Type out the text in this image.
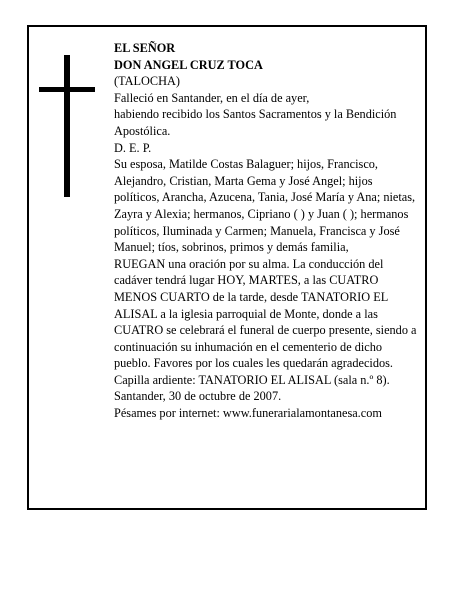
EL SEÑOR

DON ANGEL CRUZ TOCA

(TALOCHA)

Falleció en Santander, en el día de ayer,

habiendo recibido los Santos Sacramentos y la Bendición Apostólica.

D. E. P.

Su esposa, Matilde Costas Balaguer; hijos, Francisco, Alejandro, Cristian, Marta Gema y José Angel; hijos políticos, Arancha, Azucena, Tania, José María y Ana; nietas, Zayra y Alexia; hermanos, Cipriano ( ) y Juan ( ); hermanos políticos, Iluminada y Carmen; Manuela, Francisca y José Manuel; tíos, sobrinos, primos y demás familia,

RUEGAN una oración por su alma. La conducción del cadáver tendrá lugar HOY, MARTES, a las CUATRO MENOS CUARTO de la tarde, desde TANATORIO EL ALISAL a la iglesia parroquial de Monte, donde a las CUATRO se celebrará el funeral de cuerpo presente, siendo a continuación su inhumación en el cementerio de dicho pueblo. Favores por los cuales les quedarán agradecidos. Capilla ardiente: TANATORIO EL ALISAL (sala n.º 8).

Santander, 30 de octubre de 2007.

Pésames por internet: www.funerarialamontanesa.com
